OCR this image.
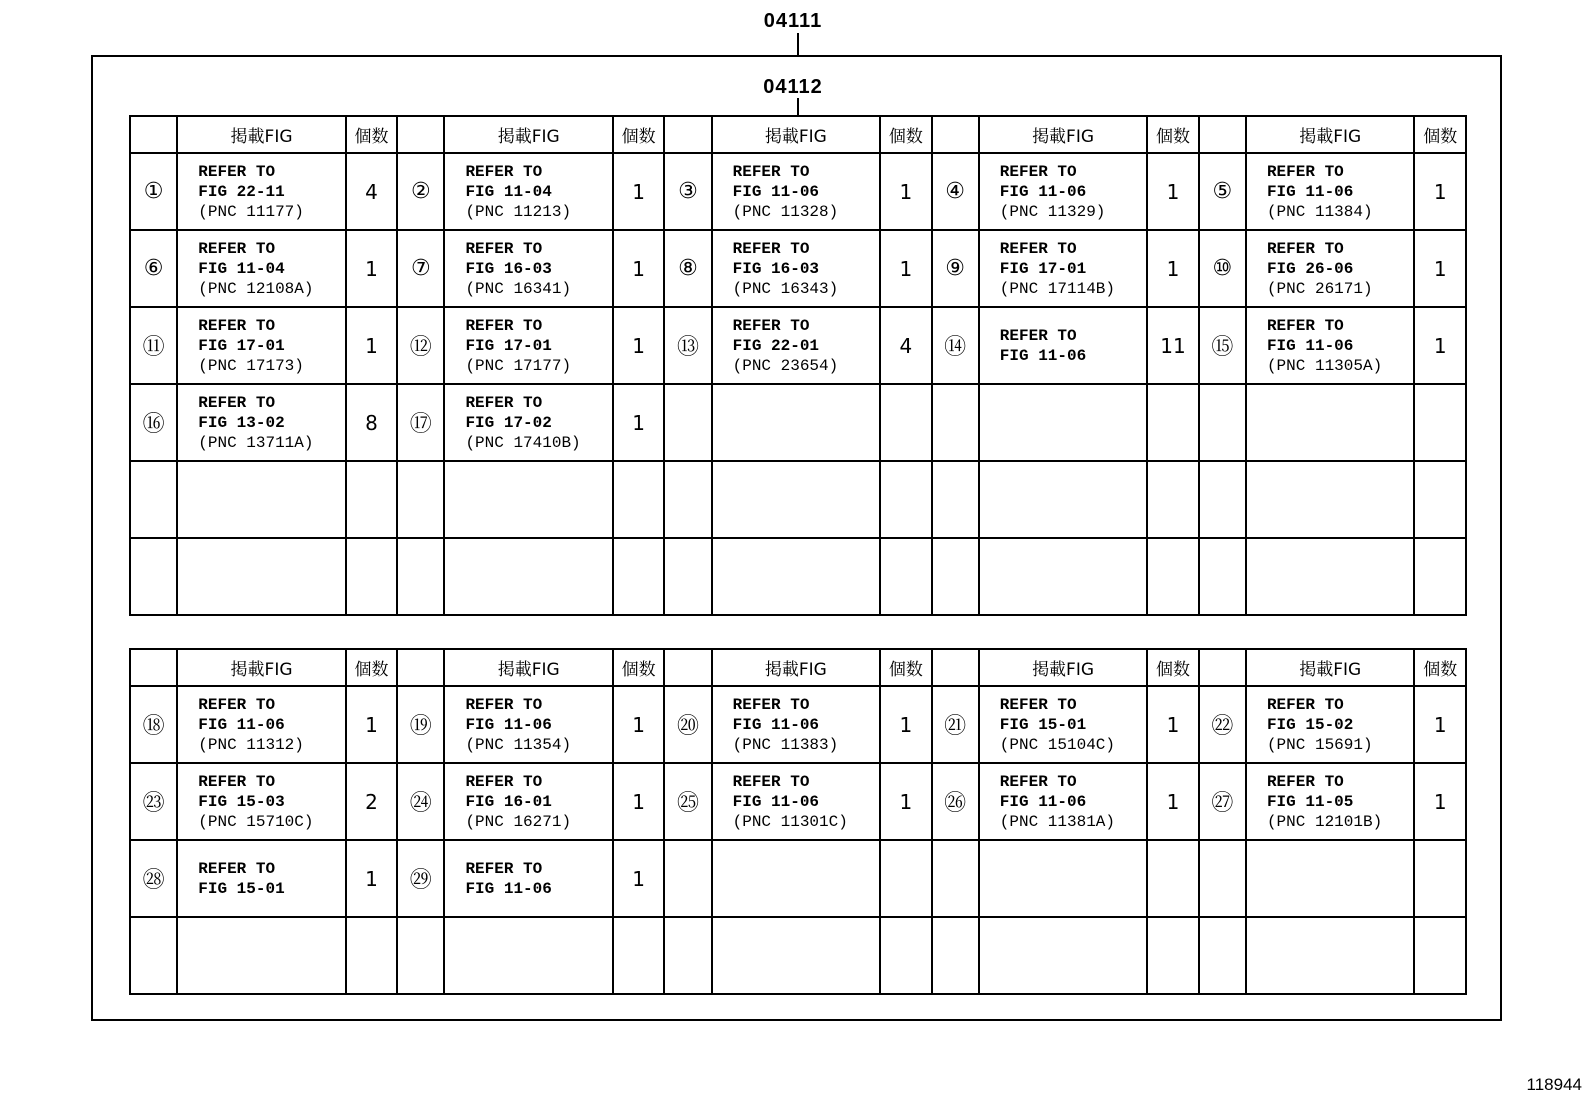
04111
04112
	掲載FIG	個数		掲載FIG	個数		掲載FIG	個数		掲載FIG	個数		掲載FIG	個数
①	REFER TO
FIG 22-11
(PNC 11177)	4	②	REFER TO
FIG 11-04
(PNC 11213)	1	③	REFER TO
FIG 11-06
(PNC 11328)	1	④	REFER TO
FIG 11-06
(PNC 11329)	1	⑤	REFER TO
FIG 11-06
(PNC 11384)	1
⑥	REFER TO
FIG 11-04
(PNC 12108A)	1	⑦	REFER TO
FIG 16-03
(PNC 16341)	1	⑧	REFER TO
FIG 16-03
(PNC 16343)	1	⑨	REFER TO
FIG 17-01
(PNC 17114B)	1	⑩	REFER TO
FIG 26-06
(PNC 26171)	1
⑪	REFER TO
FIG 17-01
(PNC 17173)	1	⑫	REFER TO
FIG 17-01
(PNC 17177)	1	⑬	REFER TO
FIG 22-01
(PNC 23654)	4	⑭	REFER TO
FIG 11-06	11	⑮	REFER TO
FIG 11-06
(PNC 11305A)	1
⑯	REFER TO
FIG 13-02
(PNC 13711A)	8	⑰	REFER TO
FIG 17-02
(PNC 17410B)	1		

	掲載FIG	個数		掲載FIG	個数		掲載FIG	個数		掲載FIG	個数		掲載FIG	個数
⑱	REFER TO
FIG 11-06
(PNC 11312)	1	⑲	REFER TO
FIG 11-06
(PNC 11354)	1	⑳	REFER TO
FIG 11-06
(PNC 11383)	1	㉑	REFER TO
FIG 15-01
(PNC 15104C)	1	㉒	REFER TO
FIG 15-02
(PNC 15691)	1
㉓	REFER TO
FIG 15-03
(PNC 15710C)	2	㉔	REFER TO
FIG 16-01
(PNC 16271)	1	㉕	REFER TO
FIG 11-06
(PNC 11301C)	1	㉖	REFER TO
FIG 11-06
(PNC 11381A)	1	㉗	REFER TO
FIG 11-05
(PNC 12101B)	1
㉘	REFER TO
FIG 15-01	1	㉙	REFER TO
FIG 11-06	1		

118944
